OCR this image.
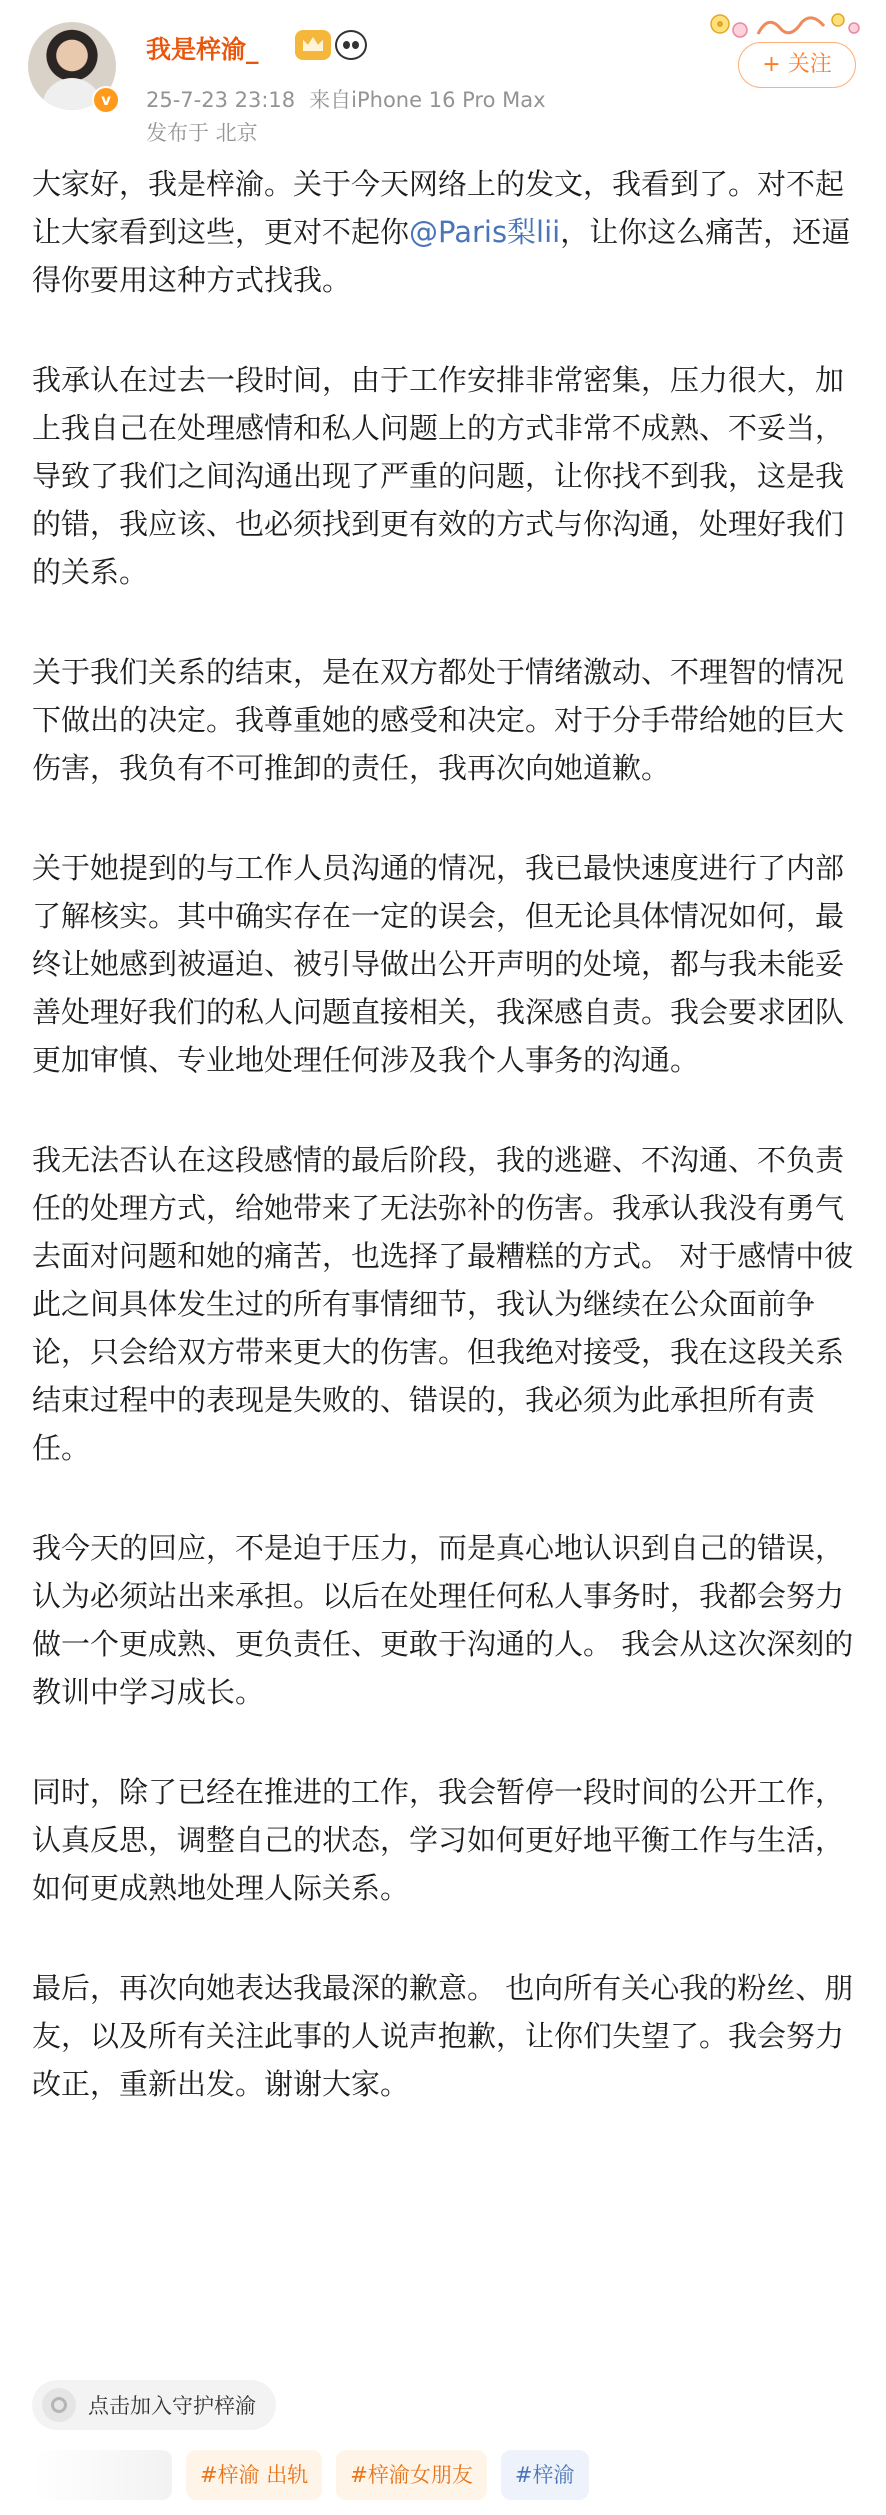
v
我是梓渝_
25-7-23 23:18 来自iPhone 16 Pro Max
发布于 北京
+ 关注

大家好，我是梓渝。关于今天网络上的发文，我看到了。对不起让大家看到这些，更对不起你@Paris梨lii，让你这么痛苦，还逼得你要用这种方式找我。

我承认在过去一段时间，由于工作安排非常密集，压力很大，加上我自己在处理感情和私人问题上的方式非常不成熟、不妥当，导致了我们之间沟通出现了严重的问题，让你找不到我，这是我的错，我应该、也必须找到更有效的方式与你沟通，处理好我们的关系。

关于我们关系的结束，是在双方都处于情绪激动、不理智的情况下做出的决定。我尊重她的感受和决定。对于分手带给她的巨大伤害，我负有不可推卸的责任，我再次向她道歉。

关于她提到的与工作人员沟通的情况，我已最快速度进行了内部了解核实。其中确实存在一定的误会，但无论具体情况如何，最终让她感到被逼迫、被引导做出公开声明的处境，都与我未能妥善处理好我们的私人问题直接相关，我深感自责。我会要求团队更加审慎、专业地处理任何涉及我个人事务的沟通。

我无法否认在这段感情的最后阶段，我的逃避、不沟通、不负责任的处理方式，给她带来了无法弥补的伤害。我承认我没有勇气去面对问题和她的痛苦，也选择了最糟糕的方式。 对于感情中彼此之间具体发生过的所有事情细节，我认为继续在公众面前争论，只会给双方带来更大的伤害。但我绝对接受，我在这段关系结束过程中的表现是失败的、错误的，我必须为此承担所有责任。

我今天的回应，不是迫于压力，而是真心地认识到自己的错误，认为必须站出来承担。以后在处理任何私人事务时，我都会努力做一个更成熟、更负责任、更敢于沟通的人。 我会从这次深刻的教训中学习成长。

同时，除了已经在推进的工作，我会暂停一段时间的公开工作， 认真反思，调整自己的状态，学习如何更好地平衡工作与生活，如何更成熟地处理人际关系。

最后，再次向她表达我最深的歉意。 也向所有关心我的粉丝、朋友，以及所有关注此事的人说声抱歉，让你们失望了。我会努力改正，重新出发。谢谢大家。

点击加入守护梓渝
#梓渝 出轨	#梓渝女朋友	#梓渝
